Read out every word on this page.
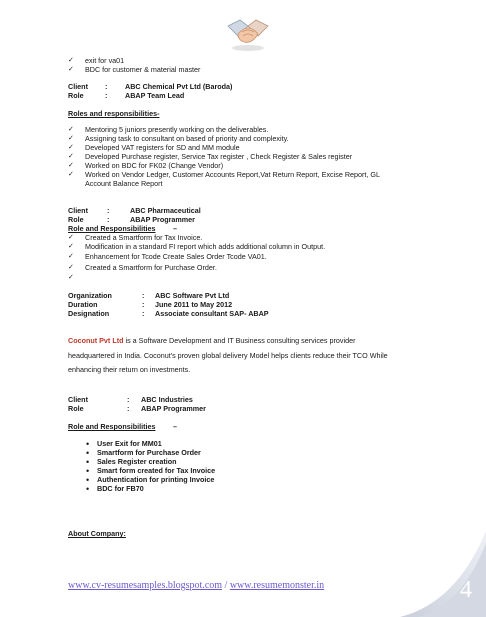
✓ exit for va01
✓ BDC for customer & material master
Client : ABC Chemical Pvt Ltd (Baroda)
Role	: ABAP Team Lead
Roles and responsibilities-
✓ Mentoring 5 juniors presently working on the deliverables.
✓ Assigning task to consultant on based of priority and complexity.
✓ Developed VAT registers for SD and MM module
✓ Developed Purchase register, Service Tax register , Check Register & Sales register
✓ Worked on BDC for FK02 (Change Vendor)
✓ Worked on Vendor Ledger, Customer Accounts Report,Vat Return Report, Excise Report, GL
Account Balance Report
Client	:	ABC Pharmaceutical
Role	:	ABAP Programmer
Role and Responsibilities –
✓ Created a Smartform for Tax Invoice.
✓ Modification in a standard FI report which adds additional column in Output.
✓ Enhancement for Tcode Create Sales Order Tcode VA01.
✓ Created a Smartform for Purchase Order.
✓
Organization	: ABC Software Pvt Ltd
Duration	: June 2011 to May 2012
Designation	: Associate consultant SAP- ABAP
Coconut Pvt Ltd is a Software Development and IT Business consulting services provider
headquartered in India. Coconut's proven global delivery Model helps clients reduce their TCO While
enhancing their return on investments.
Client	: ABC Industries
Role	: ABAP Programmer
Role and Responsibilities –
• User Exit for MM01
• Smartform for Purchase Order
• Sales Register creation
• Smart form created for Tax Invoice
• Authentication for printing Invoice
• BDC for FB70
About Company:
4
www.cv-resumesamples.blogspot.com / www.resumemonster.in
